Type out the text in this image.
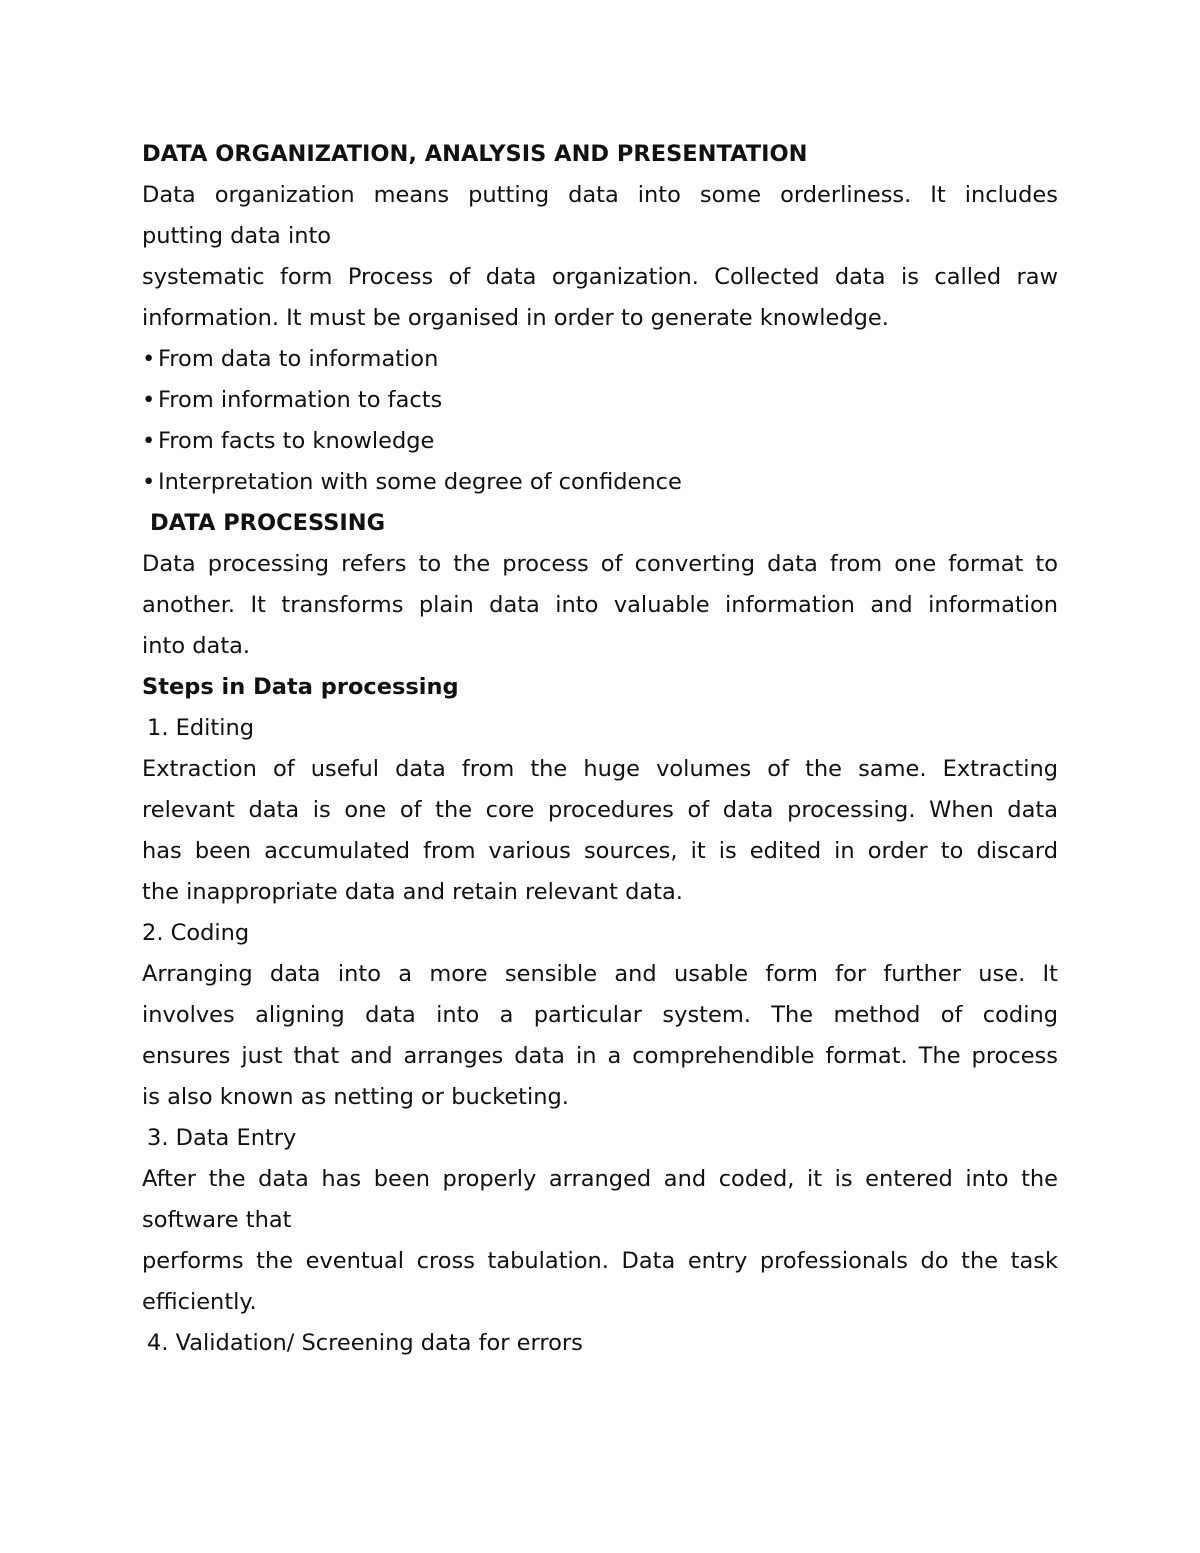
DATA ORGANIZATION, ANALYSIS AND PRESENTATION

Data organization means putting data into some orderliness. It includes

putting data into

systematic form Process of data organization. Collected data is called raw

information. It must be organised in order to generate knowledge.

• From data to information

• From information to facts

• From facts to knowledge

• Interpretation with some degree of confidence

DATA PROCESSING

Data processing refers to the process of converting data from one format to

another. It transforms plain data into valuable information and information

into data.

Steps in Data processing

1. Editing

Extraction of useful data from the huge volumes of the same. Extracting

relevant data is one of the core procedures of data processing. When data

has been accumulated from various sources, it is edited in order to discard

the inappropriate data and retain relevant data.

2. Coding

Arranging data into a more sensible and usable form for further use. It

involves aligning data into a particular system. The method of coding

ensures just that and arranges data in a comprehendible format. The process

is also known as netting or bucketing.

3. Data Entry

After the data has been properly arranged and coded, it is entered into the

software that

performs the eventual cross tabulation. Data entry professionals do the task

efficiently.

4. Validation/ Screening data for errors
